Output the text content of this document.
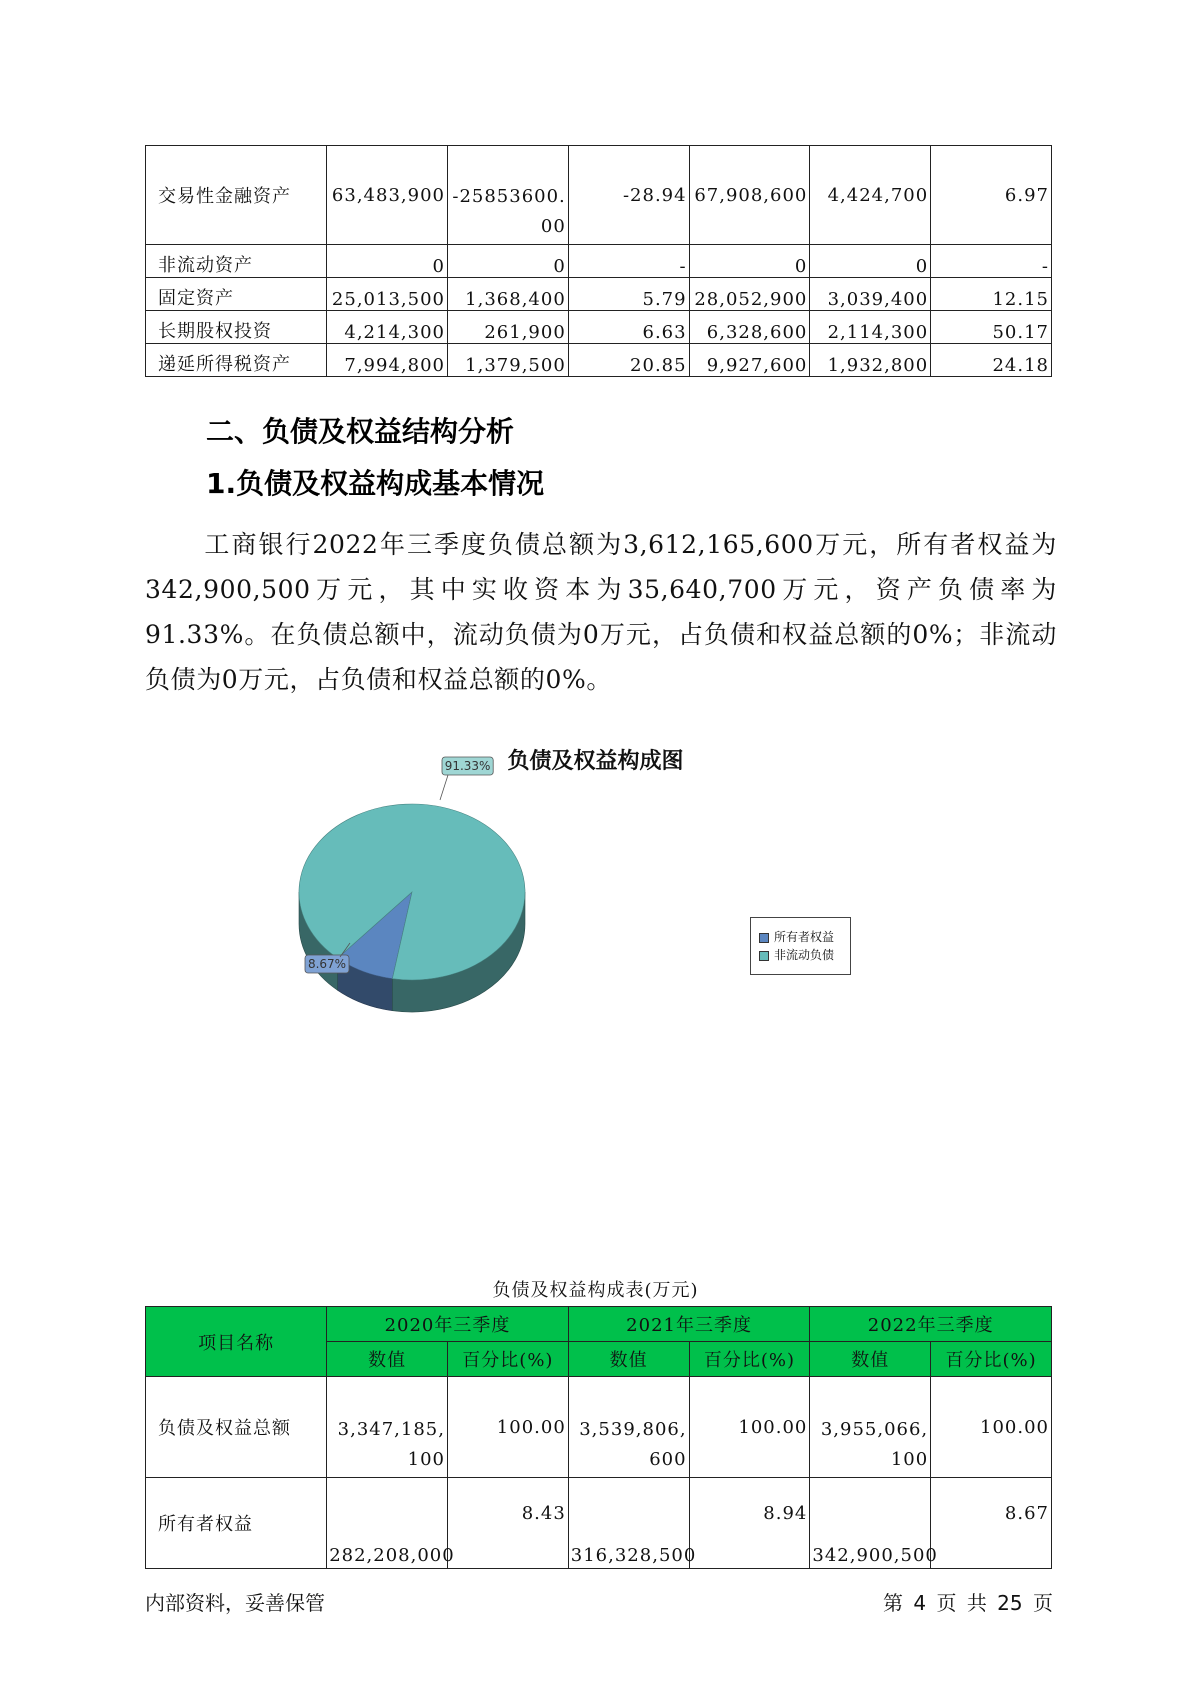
交易性金融资产	63,483,900	-25853600.00	-28.94	67,908,600	4,424,700	6.97
非流动资产	0	0	-	0	0	-
固定资产	25,013,500	1,368,400	5.79	28,052,900	3,039,400	12.15
长期股权投资	4,214,300	261,900	6.63	6,328,600	2,114,300	50.17
递延所得税资产	7,994,800	1,379,500	20.85	9,927,600	1,932,800	24.18
二、负债及权益结构分析
1.负债及权益构成基本情况
工商银行2022年三季度负债总额为3,612,165,600万元，所有者权益为342,900,500万元，其中实收资本为35,640,700万元，资产负债率为91.33%。在负债总额中，流动负债为0万元，占负债和权益总额的0%；非流动负债为0万元，占负债和权益总额的0%。
负债及权益构成图
8.67%
91.33%
所有者权益
非流动负债
负债及权益构成表(万元)
项目名称	2020年三季度		2021年三季度		2022年三季度	
	数值	百分比(%)	数值	百分比(%)	数值	百分比(%)
负债及权益总额	3,347,185,100	100.00	3,539,806,600	100.00	3,955,066,100	100.00
所有者权益	282,208,000	8.43	316,328,500	8.94	342,900,500	8.67
内部资料，妥善保管	第 4 页 共 25 页
